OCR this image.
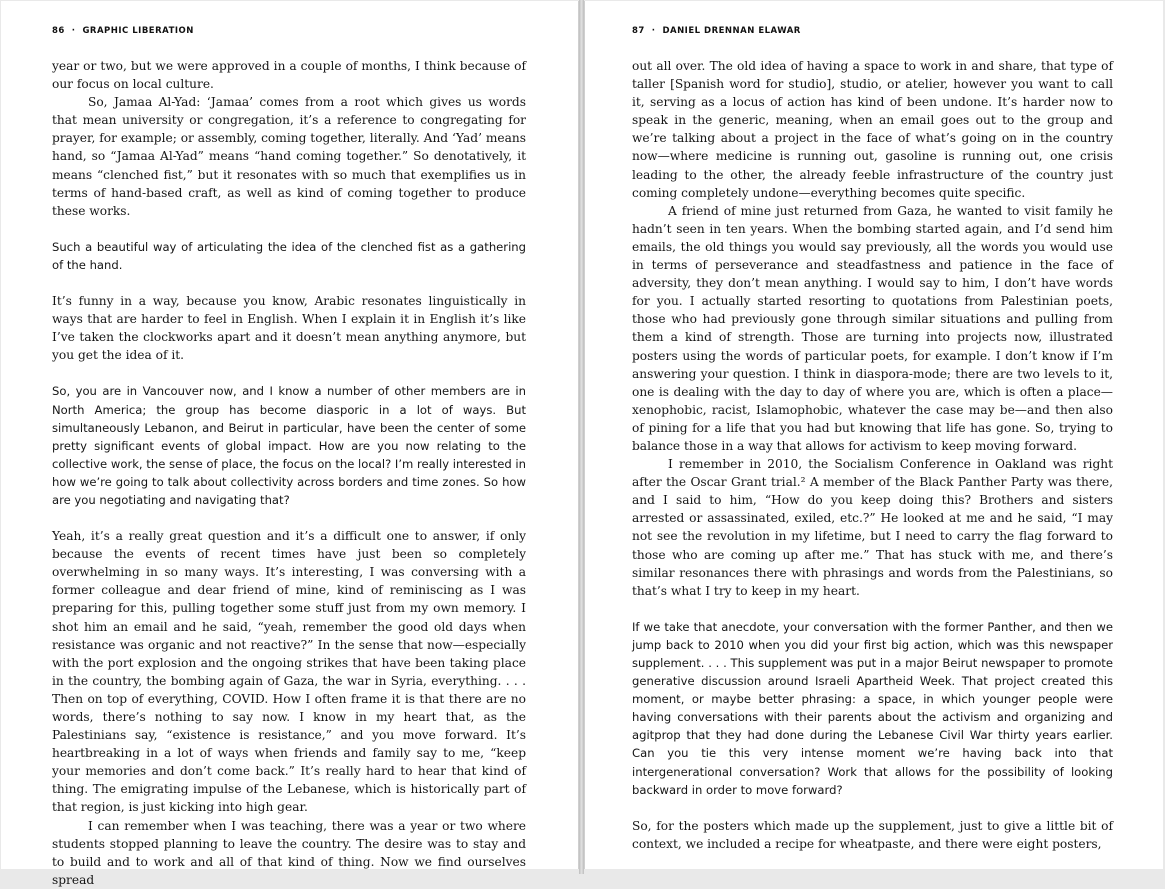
86  ·  GRAPHIC LIBERATION

year or two, but we were approved in a couple of months, I think because of our focus on local culture.

So, Jamaa Al-Yad: ‘Jamaa’ comes from a root which gives us words that mean university or congregation, it’s a reference to congregating for prayer, for example; or assembly, coming together, literally. And ‘Yad’ means hand, so “Jamaa Al-Yad” means “hand coming together.” So denotatively, it means “clenched fist,” but it resonates with so much that exemplifies us in terms of hand-based craft, as well as kind of coming together to produce these works.

Such a beautiful way of articulating the idea of the clenched fist as a gathering of the hand.

It’s funny in a way, because you know, Arabic resonates linguistically in ways that are harder to feel in English. When I explain it in English it’s like I’ve taken the clockworks apart and it doesn’t mean anything anymore, but you get the idea of it.

So, you are in Vancouver now, and I know a number of other members are in North America; the group has become diasporic in a lot of ways. But simultaneously Lebanon, and Beirut in particular, have been the center of some pretty significant events of global impact. How are you now relating to the collective work, the sense of place, the focus on the local? I’m really interested in how we’re going to talk about collectivity across borders and time zones. So how are you negotiating and navigating that?

Yeah, it’s a really great question and it’s a difficult one to answer, if only because the events of recent times have just been so completely overwhelming in so many ways. It’s interesting, I was conversing with a former colleague and dear friend of mine, kind of reminiscing as I was preparing for this, pulling together some stuff just from my own memory. I shot him an email and he said, “yeah, remember the good old days when resistance was organic and not reactive?” In the sense that now—especially with the port explosion and the ongoing strikes that have been taking place in the country, the bombing again of Gaza, the war in Syria, everything. . . . Then on top of everything, COVID. How I often frame it is that there are no words, there’s nothing to say now. I know in my heart that, as the Palestinians say, “existence is resistance,” and you move forward. It’s heartbreaking in a lot of ways when friends and family say to me, “keep your memories and don’t come back.” It’s really hard to hear that kind of thing. The emigrating impulse of the Lebanese, which is historically part of that region, is just kicking into high gear.

I can remember when I was teaching, there was a year or two where students stopped planning to leave the country. The desire was to stay and to build and to work and all of that kind of thing. Now we find ourselves spread

87  ·  DANIEL DRENNAN ELAWAR

out all over. The old idea of having a space to work in and share, that type of taller [Spanish word for studio], studio, or atelier, however you want to call it, serving as a locus of action has kind of been undone. It’s harder now to speak in the generic, meaning, when an email goes out to the group and we’re talking about a project in the face of what’s going on in the country now—where medicine is running out, gasoline is running out, one crisis leading to the other, the already feeble infrastructure of the country just coming completely undone—everything becomes quite specific.

A friend of mine just returned from Gaza, he wanted to visit family he hadn’t seen in ten years. When the bombing started again, and I’d send him emails, the old things you would say previously, all the words you would use in terms of perseverance and steadfastness and patience in the face of adversity, they don’t mean anything. I would say to him, I don’t have words for you. I actually started resorting to quotations from Palestinian poets, those who had previously gone through similar situations and pulling from them a kind of strength. Those are turning into projects now, illustrated posters using the words of particular poets, for example. I don’t know if I’m answering your question. I think in diaspora-mode; there are two levels to it, one is dealing with the day to day of where you are, which is often a place—xenophobic, racist, Islamophobic, whatever the case may be—and then also of pining for a life that you had but knowing that life has gone. So, trying to balance those in a way that allows for activism to keep moving forward.

I remember in 2010, the Socialism Conference in Oakland was right after the Oscar Grant trial.² A member of the Black Panther Party was there, and I said to him, “How do you keep doing this? Brothers and sisters arrested or assassinated, exiled, etc.?” He looked at me and he said, “I may not see the revolution in my lifetime, but I need to carry the flag forward to those who are coming up after me.” That has stuck with me, and there’s similar resonances there with phrasings and words from the Palestinians, so that’s what I try to keep in my heart.

If we take that anecdote, your conversation with the former Panther, and then we jump back to 2010 when you did your first big action, which was this newspaper supplement. . . . This supplement was put in a major Beirut newspaper to promote generative discussion around Israeli Apartheid Week. That project created this moment, or maybe better phrasing: a space, in which younger people were having conversations with their parents about the activism and organizing and agitprop that they had done during the Lebanese Civil War thirty years earlier. Can you tie this very intense moment we’re having back into that intergenerational conversation? Work that allows for the possibility of looking backward in order to move forward?

So, for the posters which made up the supplement, just to give a little bit of context, we included a recipe for wheatpaste, and there were eight posters,
